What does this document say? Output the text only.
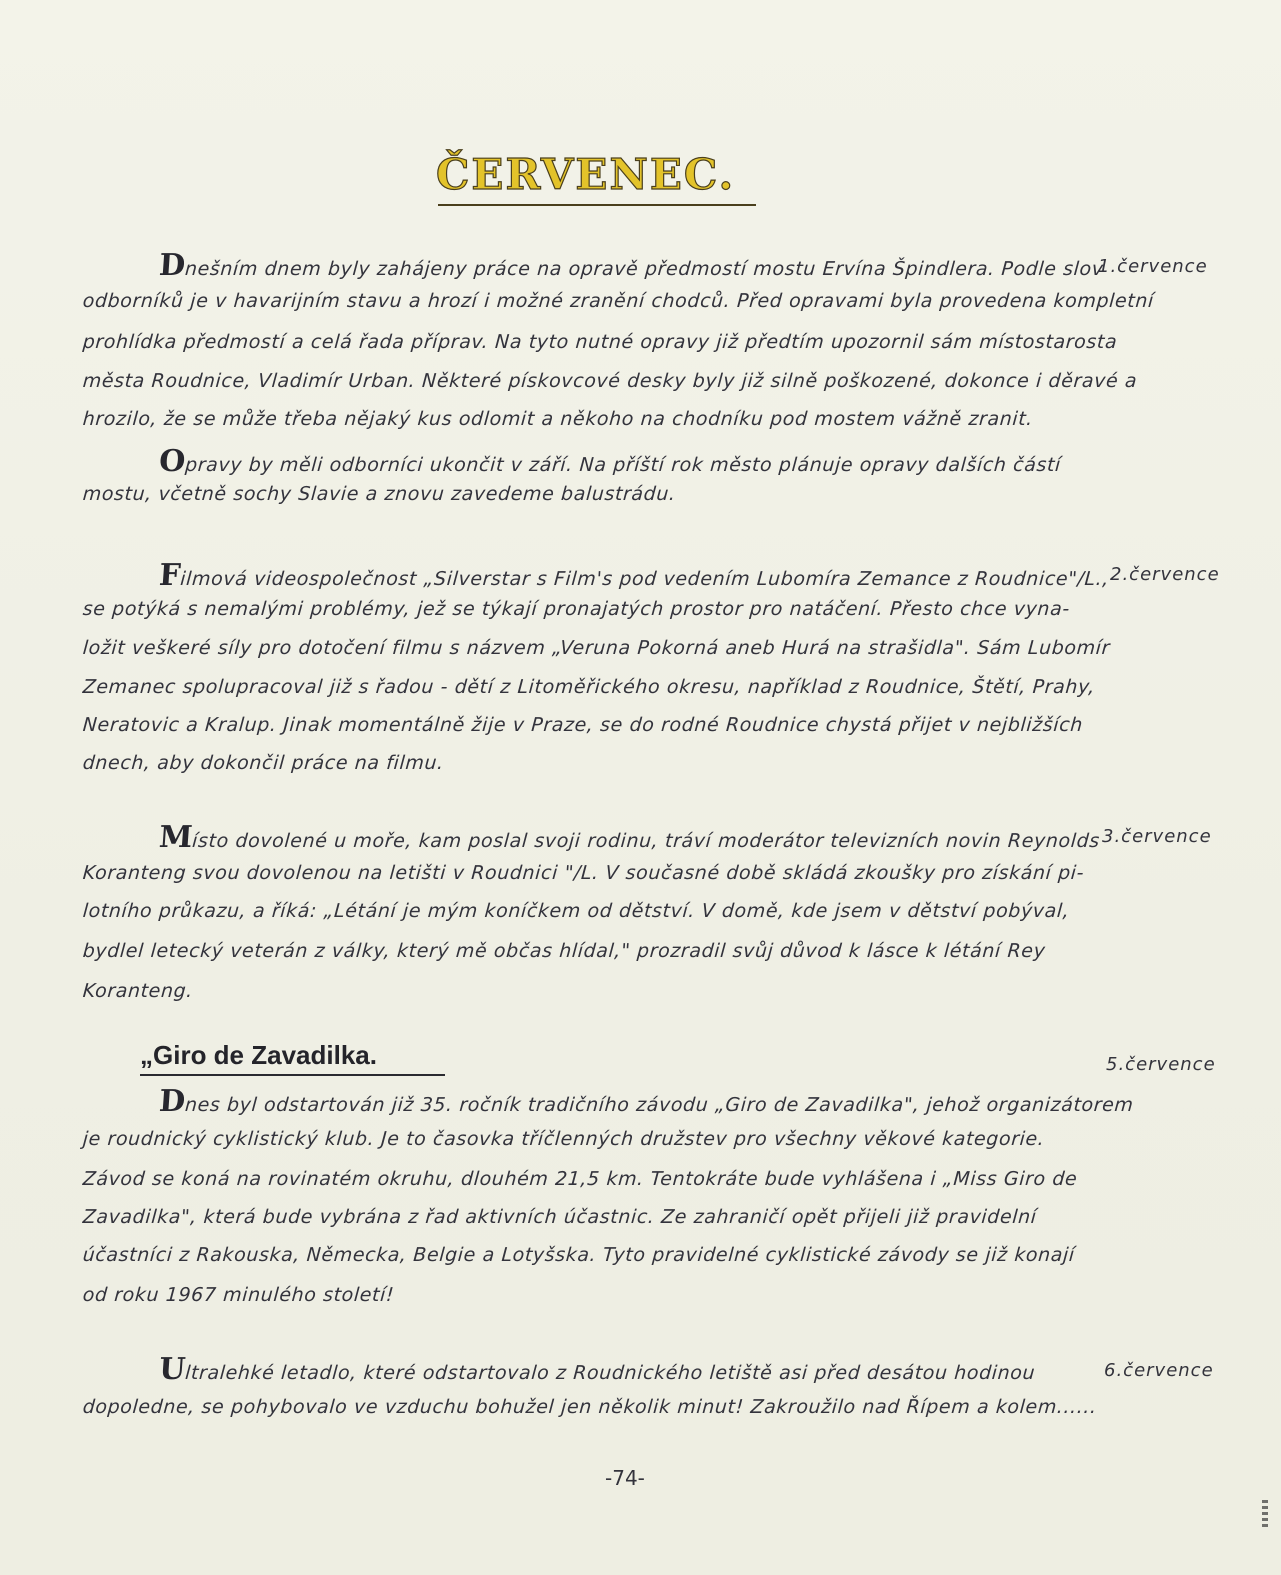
ČERVENEC.
1.července
Dnešním dnem byly zahájeny práce na opravě předmostí mostu Ervína Špindlera. Podle slov
odborníků je v havarijním stavu a hrozí i možné zranění chodců. Před opravami byla provedena kompletní
prohlídka předmostí a celá řada příprav. Na tyto nutné opravy již předtím upozornil sám místostarosta
města Roudnice, Vladimír Urban. Některé pískovcové desky byly již silně poškozené, dokonce i děravé a
hrozilo, že se může třeba nějaký kus odlomit a někoho na chodníku pod mostem vážně zranit.
Opravy by měli odborníci ukončit v září. Na příští rok město plánuje opravy dalších částí
mostu, včetně sochy Slavie a znovu zavedeme balustrádu.
2.července
Filmová videospolečnost „Silverstar s Film's pod vedením Lubomíra Zemance z Roudnice"/L.,
se potýká s nemalými problémy, jež se týkají pronajatých prostor pro natáčení. Přesto chce vyna-
ložit veškeré síly pro dotočení filmu s názvem „Veruna Pokorná aneb Hurá na strašidla". Sám Lubomír
Zemanec spolupracoval již s řadou - dětí z Litoměřického okresu, například z Roudnice, Štětí, Prahy,
Neratovic a Kralup. Jinak momentálně žije v Praze, se do rodné Roudnice chystá přijet v nejbližších
dnech, aby dokončil práce na filmu.
3.července
Místo dovolené u moře, kam poslal svoji rodinu, tráví moderátor televizních novin Reynolds
Koranteng svou dovolenou na letišti v Roudnici "/L. V současné době skládá zkoušky pro získání pi-
lotního průkazu, a říká: „Létání je mým koníčkem od dětství. V domě, kde jsem v dětství pobýval,
bydlel letecký veterán z války, který mě občas hlídal," prozradil svůj důvod k lásce k létání Rey
Koranteng.
„Giro de Zavadilka.	5.července
Dnes byl odstartován již 35. ročník tradičního závodu „Giro de Zavadilka", jehož organizátorem
je roudnický cyklistický klub. Je to časovka tříčlenných družstev pro všechny věkové kategorie.
Závod se koná na rovinatém okruhu, dlouhém 21,5 km. Tentokráte bude vyhlášena i „Miss Giro de
Zavadilka", která bude vybrána z řad aktivních účastnic. Ze zahraničí opět přijeli již pravidelní
účastníci z Rakouska, Německa, Belgie a Lotyšska. Tyto pravidelné cyklistické závody se již konají
od roku 1967 minulého století!
6.července
Ultralehké letadlo, které odstartovalo z Roudnického letiště asi před desátou hodinou
dopoledne, se pohybovalo ve vzduchu bohužel jen několik minut! Zakroužilo nad Řípem a kolem......
-74-
